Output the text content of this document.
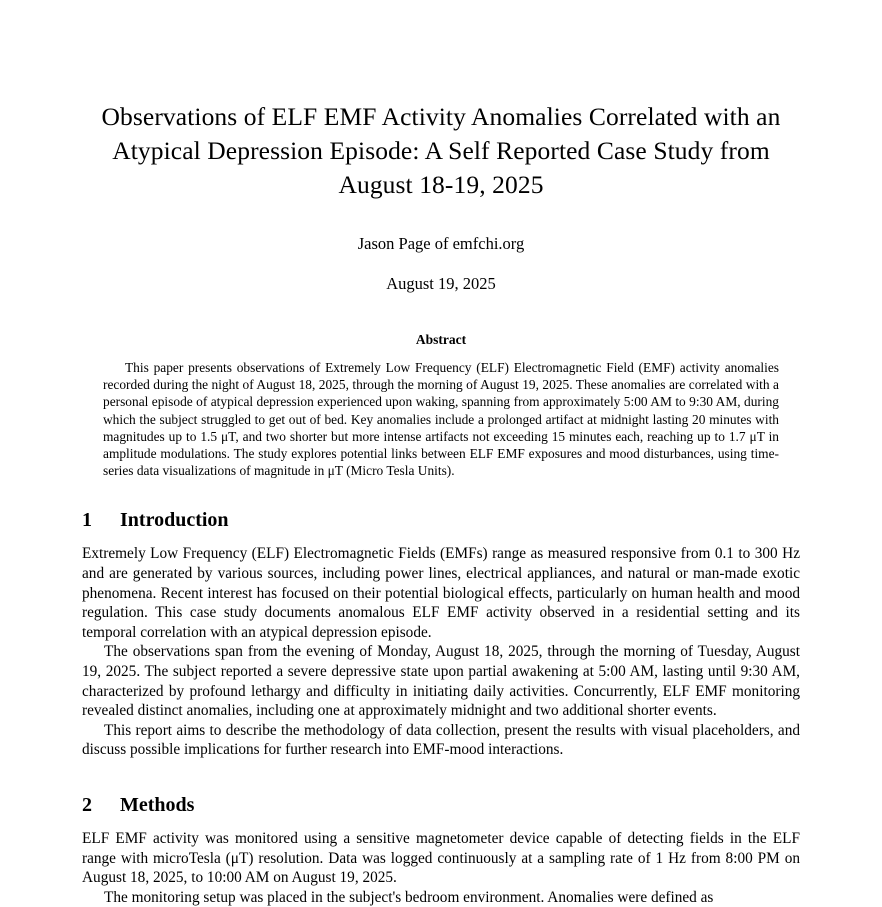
Observations of ELF EMF Activity Anomalies Correlated with an Atypical Depression Episode: A Self Reported Case Study from August 18-19, 2025
Jason Page of emfchi.org
August 19, 2025
Abstract
This paper presents observations of Extremely Low Frequency (ELF) Electromagnetic Field (EMF) activity anomalies recorded during the night of August 18, 2025, through the morning of August 19, 2025. These anomalies are correlated with a personal episode of atypical depression experienced upon waking, spanning from approximately 5:00 AM to 9:30 AM, during which the subject struggled to get out of bed. Key anomalies include a prolonged artifact at midnight lasting 20 minutes with magnitudes up to 1.5 μT, and two shorter but more intense artifacts not exceeding 15 minutes each, reaching up to 1.7 μT in amplitude modulations. The study explores potential links between ELF EMF exposures and mood disturbances, using time-series data visualizations of magnitude in μT (Micro Tesla Units).
1 Introduction

Extremely Low Frequency (ELF) Electromagnetic Fields (EMFs) range as measured responsive from 0.1 to 300 Hz and are generated by various sources, including power lines, electrical appliances, and natural or man-made exotic phenomena. Recent interest has focused on their potential biological effects, particularly on human health and mood regulation. This case study documents anomalous ELF EMF activity observed in a residential setting and its temporal correlation with an atypical depression episode.

The observations span from the evening of Monday, August 18, 2025, through the morning of Tuesday, August 19, 2025. The subject reported a severe depressive state upon partial awakening at 5:00 AM, lasting until 9:30 AM, characterized by profound lethargy and difficulty in initiating daily activities. Concurrently, ELF EMF monitoring revealed distinct anomalies, including one at approximately midnight and two additional shorter events.

This report aims to describe the methodology of data collection, present the results with visual placeholders, and discuss possible implications for further research into EMF-mood interactions.

2 Methods

ELF EMF activity was monitored using a sensitive magnetometer device capable of detecting fields in the ELF range with microTesla (μT) resolution. Data was logged continuously at a sampling rate of 1 Hz from 8:00 PM on August 18, 2025, to 10:00 AM on August 19, 2025.

The monitoring setup was placed in the subject's bedroom environment. Anomalies were defined as
